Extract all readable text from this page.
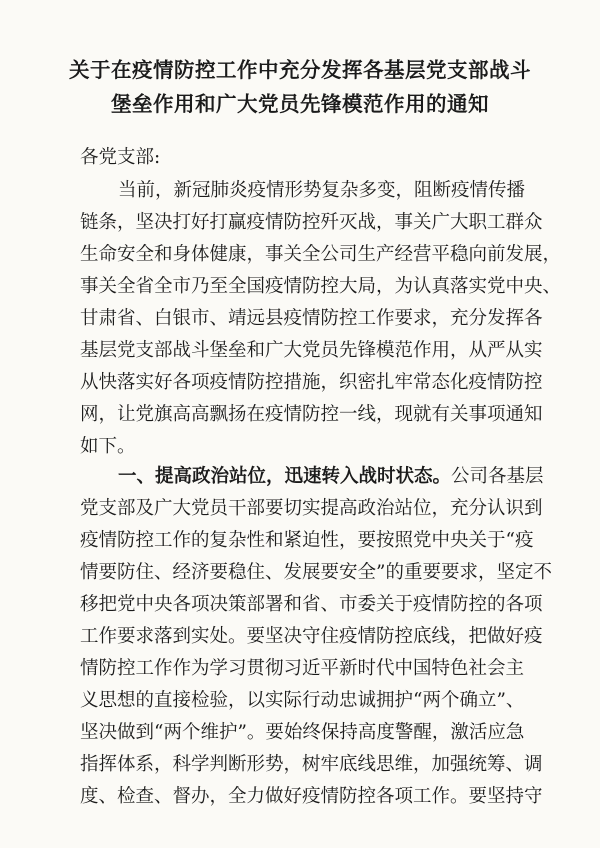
关于在疫情防控工作中充分发挥各基层党支部战斗
堡垒作用和广大党员先锋模范作用的通知
各党支部:
当前，新冠肺炎疫情形势复杂多变，阻断疫情传播
链条，坚决打好打赢疫情防控歼灭战，事关广大职工群众
生命安全和身体健康，事关全公司生产经营平稳向前发展，
事关全省全市乃至全国疫情防控大局，为认真落实党中央、
甘肃省、白银市、靖远县疫情防控工作要求，充分发挥各
基层党支部战斗堡垒和广大党员先锋模范作用，从严从实
从快落实好各项疫情防控措施，织密扎牢常态化疫情防控
网，让党旗高高飘扬在疫情防控一线，现就有关事项通知
如下。
一、提高政治站位，迅速转入战时状态。 公司各基层
党支部及广大党员干部要切实提高政治站位，充分认识到
疫情防控工作的复杂性和紧迫性，要按照党中央关于“疫
情要防住、经济要稳住、发展要安全”的重要要求，坚定不
移把党中央各项决策部署和省、市委关于疫情防控的各项
工作要求落到实处。要坚决守住疫情防控底线，把做好疫
情防控工作作为学习贯彻习近平新时代中国特色社会主
义思想的直接检验，以实际行动忠诚拥护“两个确立”、
坚决做到“两个维护”。要始终保持高度警醒，激活应急
指挥体系，科学判断形势，树牢底线思维，加强统筹、调
度、检查、督办，全力做好疫情防控各项工作。要坚持守
